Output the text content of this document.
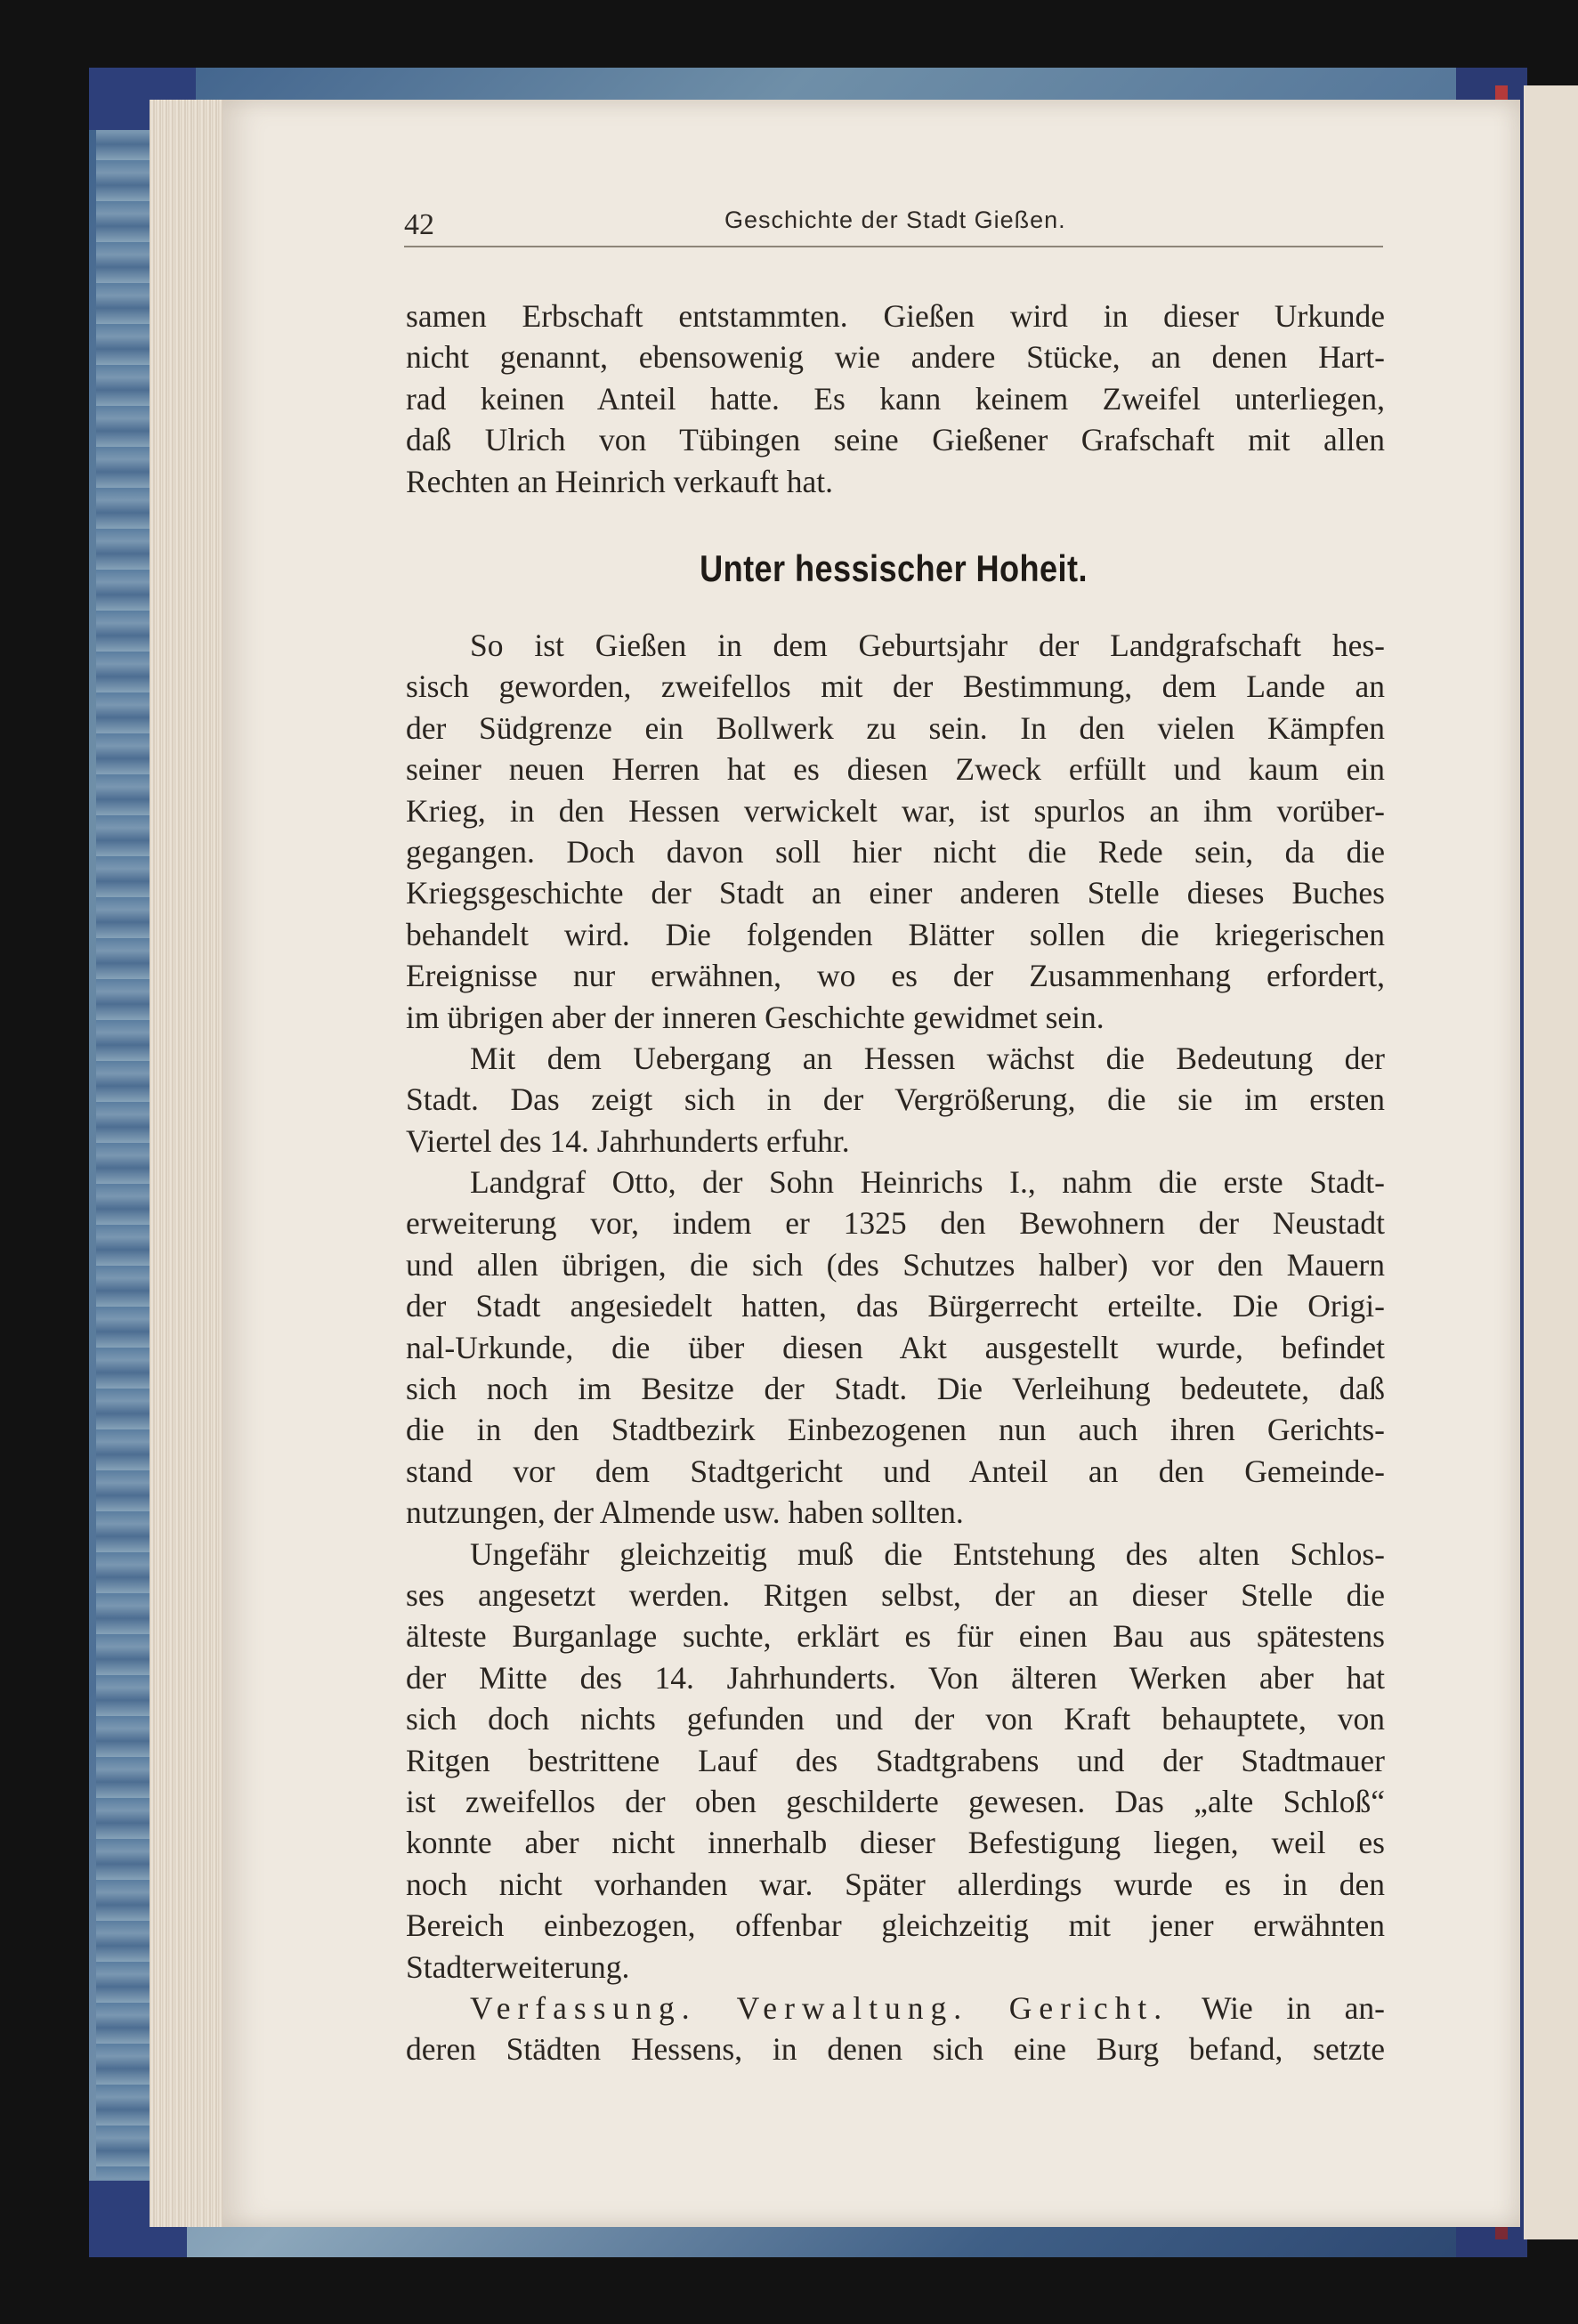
42	Geschichte der Stadt Gießen.
samen Erbschaft entstammten. Gießen wird in dieser Urkunde
nicht genannt, ebensowenig wie andere Stücke, an denen Hart-
rad keinen Anteil hatte. Es kann keinem Zweifel unterliegen,
daß Ulrich von Tübingen seine Gießener Grafschaft mit allen
Rechten an Heinrich verkauft hat.
Unter hessischer Hoheit.
So ist Gießen in dem Geburtsjahr der Landgrafschaft hes-
sisch geworden, zweifellos mit der Bestimmung, dem Lande an
der Südgrenze ein Bollwerk zu sein. In den vielen Kämpfen
seiner neuen Herren hat es diesen Zweck erfüllt und kaum ein
Krieg, in den Hessen verwickelt war, ist spurlos an ihm vorüber-
gegangen. Doch davon soll hier nicht die Rede sein, da die
Kriegsgeschichte der Stadt an einer anderen Stelle dieses Buches
behandelt wird. Die folgenden Blätter sollen die kriegerischen
Ereignisse nur erwähnen, wo es der Zusammenhang erfordert,
im übrigen aber der inneren Geschichte gewidmet sein.
Mit dem Uebergang an Hessen wächst die Bedeutung der
Stadt. Das zeigt sich in der Vergrößerung, die sie im ersten
Viertel des 14. Jahrhunderts erfuhr.
Landgraf Otto, der Sohn Heinrichs I., nahm die erste Stadt-
erweiterung vor, indem er 1325 den Bewohnern der Neustadt
und allen übrigen, die sich (des Schutzes halber) vor den Mauern
der Stadt angesiedelt hatten, das Bürgerrecht erteilte. Die Origi-
nal-Urkunde, die über diesen Akt ausgestellt wurde, befindet
sich noch im Besitze der Stadt. Die Verleihung bedeutete, daß
die in den Stadtbezirk Einbezogenen nun auch ihren Gerichts-
stand vor dem Stadtgericht und Anteil an den Gemeinde-
nutzungen, der Almende usw. haben sollten.
Ungefähr gleichzeitig muß die Entstehung des alten Schlos-
ses angesetzt werden. Ritgen selbst, der an dieser Stelle die
älteste Burganlage suchte, erklärt es für einen Bau aus spätestens
der Mitte des 14. Jahrhunderts. Von älteren Werken aber hat
sich doch nichts gefunden und der von Kraft behauptete, von
Ritgen bestrittene Lauf des Stadtgrabens und der Stadtmauer
ist zweifellos der oben geschilderte gewesen. Das „alte Schloß“
konnte aber nicht innerhalb dieser Befestigung liegen, weil es
noch nicht vorhanden war. Später allerdings wurde es in den
Bereich einbezogen, offenbar gleichzeitig mit jener erwähnten
Stadterweiterung.
Verfassung. Verwaltung. Gericht. Wie in an-
deren Städten Hessens, in denen sich eine Burg befand, setzte
